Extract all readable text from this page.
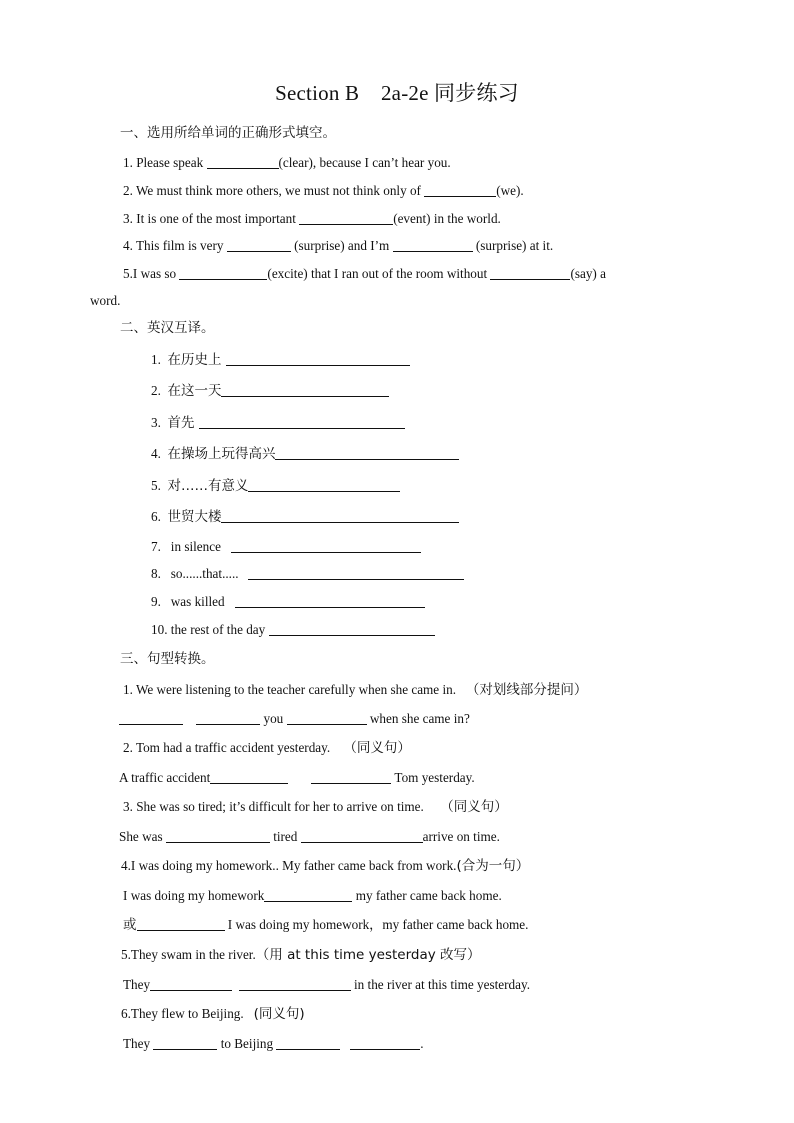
Section B    2a-2e 同步练习
一、选用所给单词的正确形式填空。
1. Please speak	(clear), because I can’t hear you.
2. We must think more others, we must not think only of	(we).
3. It is one of the most important	(event) in the world.
4. This film is very	(surprise) and I’m	(surprise) at it.
5.I was so	(excite) that I ran out of the room without	(say) a
word.
二、英汉互译。
1. 在历史上
2. 在这一天
3. 首先
4. 在操场上玩得高兴
5. 对……有意义
6. 世贸大楼
7. in silence
8. so......that.....
9. was killed
10. the rest of the day
三、句型转换。
1. We were listening to the teacher carefully when she came in. （对划线部分提问）
you	when she came in?
2. Tom had a traffic accident yesterday. （同义句）
A traffic accident	Tom yesterday.
3. She was so tired; it’s difficult for her to arrive on time. （同义句）
She was	tired	arrive on time.
4.I was doing my homework.. My father came back from work.(合为一句）
I was doing my homework	my father came back home.
或	I was doing my homework，my father came back home.
5.They swam in the river.（用 at this time yesterday 改写）
They	in the river at this time yesterday.
6.They flew to Beijing. (同义句)
They	to Beijing	.
